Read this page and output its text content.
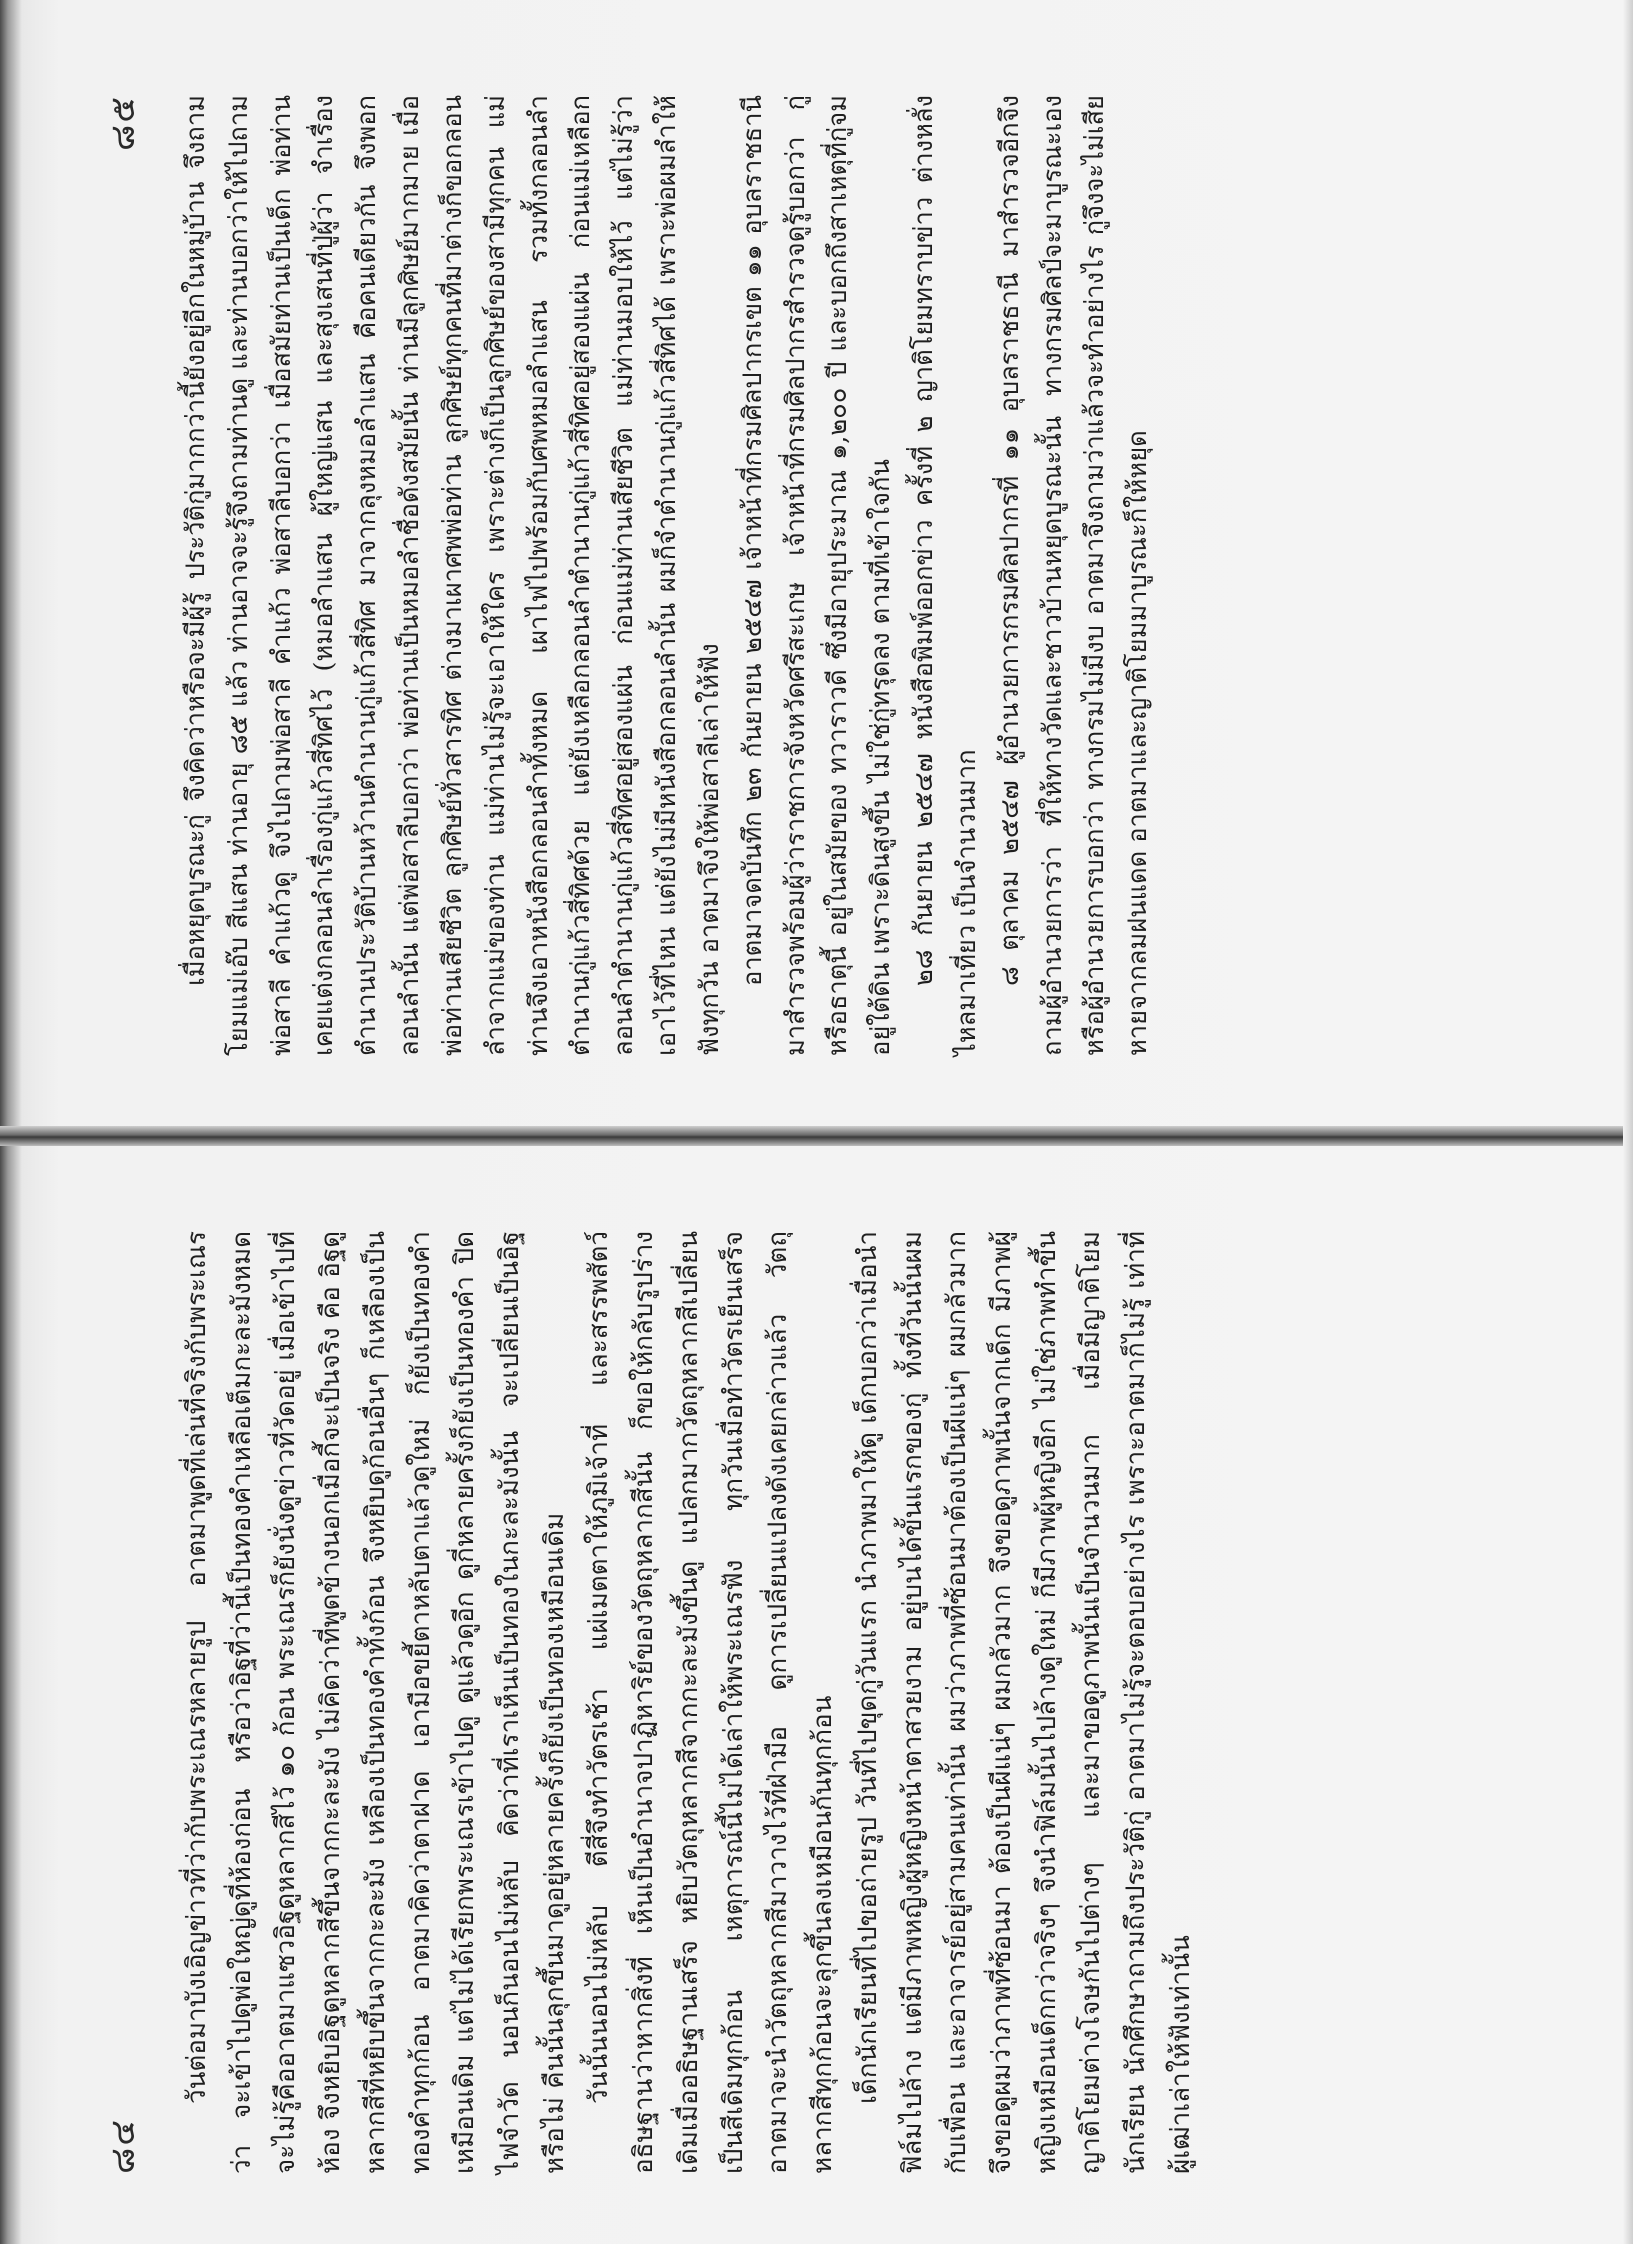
๘๕ เมื่อหยุดบูรณะกู่ จึงคิดว่าหรือจะมีผู้รู้ ประวัติกู่มากกว่านี้ยังอยู่อีกในหมู่บ้าน จึงถามโยมแม่เอ๊บ สีแสน ท่านอายุ ๘๕ แล้ว ท่านอาจจะรู้จึงถามท่านดู และท่านบอกว่าให้ไปถามพ่อสาลี คำแก้วดู จึงไปถามพ่อสาลี คำแก้ว พ่อสาลีบอกว่า เมื่อสมัยท่านเป็นเด็ก พ่อท่านเคยแต่งกลอนลำเรื่องกู่แก้วสี่ทิศไว้ (หมอลำแสน ผู้ใหญ่แสน และสุงเสนที่ปู่ผู้ว่า จำเรื่องตำนานประวัติบ้านหว้านตำนานกู่แก้วสี่ทิศ มาจากลุงหมอลำแสน คือคนเดียวกัน จึงพอกลอนลำนั้น แต่พ่อสาลีบอกว่า พ่อท่านเป็นหมอลำชื่อดังสมัยนั้น ท่านมีลูกศิษย์มากมาย เมื่อพ่อท่านเสียชีวิต ลูกศิษย์ทั่วสารทิศ ต่างมาเผาศพพ่อท่าน ลูกศิษย์ทุกคนที่มาต่างก็ขอกลอนลำจากแม่ของท่าน แม่ท่านไม่รู้จะเอาให้ใคร เพราะต่างก็เป็นลูกศิษย์ของสามีทุกคน แม่ท่านจึงเอาหนังสือกลอนลำทั้งหมด เผาไฟไปพร้อมกับศพหมอลำแสน รวมทั้งกลอนลำตำนานกู่แก้วสี่ทิศด้วย แต่ยังเหลือกลอนลำตำนานกู่แก้วสี่ทิศอยู่สองแผ่น ก่อนแม่เหลือกลอนลำตำนานกู่แก้วสี่ทิศอยู่สองแผ่น ก่อนแม่ท่านเสียชีวิต แม่ท่านมอบให้ไว้ แต่ไม่รู้ว่าเอาไว้ที่ไหน แต่ยังไม่มีหนังสือกลอนลำนั้น ผมก็จำตำนานกู่แก้วสี่ทิศได้ เพราะพ่อผมลำให้ฟังทุกวัน อาตมาจึงให้พ่อสาลีเล่าให้ฟัง อาตมาจดบันทึก ๒๓ กันยายน ๒๕๔๗ เจ้าหน้าที่กรมศิลปากรเขต ๑๑ อุบลราชธานี มาสำรวจพร้อมผู้ว่าราชการจังหวัดศรีสะเกษ เจ้าหน้าที่กรมศิลปากรสำรวจดูรู้บอกว่า กู่หรือธาตุนี้ อยู่ในสมัยของ ทวาราวดี ซึ่งมีอายุประมาณ ๑,๒๐๐ ปี และบอกถึงสาเหตุที่กู่จมอยู่ใต้ดิน เพราะดินสูงขึ้น ไม่ใช่กู่ทรุดลง ตามที่เข้าใจกัน ๒๘ กันยายน ๒๕๔๗ หนังสือพิมพ์ออกข่าว ครั้งที่ ๒ ญาติโยมทราบข่าว ต่างหลั่งไหลมาเที่ยว เป็นจำนวนมาก ๘ ตุลาคม ๒๕๔๗ ผู้อำนวยการกรมศิลปากรที่ ๑๑ อุบลราชธานี มาสำรวจอีกจึงถามผู้อำนวยการว่า ที่ให้ทางวัดและชาวบ้านหยุดบูรณะนั้น ทางกรมศิลป์จะมาบูรณะเองหรือผู้อำนวยการบอกว่า ทางกรมไม่มีงบ อาตมาจึงถามว่าแล้วจะทำอย่างไร กู่จึงจะไม่เสียหายจากลมฝนแดด อาตมาและญาติโยมมาบูรณะก็ให้หยุด

๘๔

วันต่อมาบังเอิญข่าวที่ว่ากับพระเณรหลายรูป อาตมาพูดที่เล่นที่จริงกับพระเณรว่า จะเข้าไปดูพ่อใหญ่ดูที่ห้องก่อน หรือว่าอิฐที่ว่านี้เป็นทองคำเหลือเต็มกะละมังหมด จะไม่รู้คืออาตมาแซวอิฐดูหลากสีไว้ ๑๐ ก้อน พระเณรก็ยังนั่งดูข่าวที่วัดอยู่ เมื่อเข้าไปที่ห้อง จึงหยิบอิฐดูหลากสีขึ้นจากกะละมัง ไม่คิดว่าที่พูดข้างนอกเมื่อกี้จะเป็นจริง คือ อิฐดูหลากสีที่หยิบขึ้นจากกะละมัง เหลืองเป็นทองคำทั้งก้อน จึงหยิบดูก้อนอื่นๆ ก็เหลืองเป็นทองคำทุกก้อน อาตมาคิดว่าตาฝาด เอามือขยี้ตาหลับตาแล้วดูใหม่ ก็ยังเป็นทองคำเหมือนเดิม แต่ไม่ได้เรียกพระเณรเข้าไปดู ดูแล้วดูอีก ดูกี่หลายครั้งก็ยังเป็นทองคำ ปิดไฟจำวัด นอนก็นอนไม่หลับ คิดว่าที่เราเห็นเป็นทองในกะละมังนั้น จะเปลี่ยนเป็นอิฐหรือไม่ คืนนั้นลุกขึ้นมาดูอยู่หลายครั้งก็ยังเป็นทองเหมือนเดิม วันนั้นนอนไม่หลับ ตีสี่จึงทำวัตรเช้า แผ่เมตตาให้ภูมิเจ้าที่ และสรรพสัตว์อธิษฐานว่าหากสิ่งที่ เห็นเป็นอำนาจปาฏิหาริย์ของวัตถุหลากสีนั้น ก็ขอให้กลับรูปร่างเดิมเมื่ออธิษฐานเสร็จ หยิบวัตถุหลากสีจากกะละมังขึ้นดู แปลกมากวัตถุหลากสีเปลี่ยนเป็นสีเดิมทุกก้อน เหตุการณ์นี้ไม่ได้เล่าให้พระเณรฟัง ทุกวันเมื่อทำวัตรเย็นเสร็จ อาตมาจะนำวัตถุหลากสีมาวางไว้ที่ฝ่ามือ ดูการเปลี่ยนแปลงดังเคยกล่าวแล้ว วัตถุหลากสีทุกก้อนจะลุกขึ้นลงเหมือนกันทุกก้อน เด็กนักเรียนที่ไปขอถ่ายรูป วันที่ไปขุดกู่วันแรก นำภาพมาให้ดู เด็กบอกว่าเมื่อนำฟิล์มไปล้าง แต่มีภาพหญิงผู้หญิงหน้าตาสวยงาม อยู่บนได้ขั้นแรกของกู่ ทั้งที่วันนั้นผมกับเพื่อน และอาจารย์อยู่สามคนเท่านั้น ผมว่าภาพที่ซ้อนมาต้องเป็นผีแน่ๆ ผมกลัวมาก จึงขอดูผมว่าภาพที่ซ้อนมา ต้องเป็นผีแน่ๆ ผมกลัวมาก จึงขอดูภาพนั้นจากเด็ก มีภาพผู้หญิงเหมือนเด็กกว่าจริงๆ จึงนำฟิล์มนั้นไปล้างดูใหม่ ก็มีภาพผู้หญิงอีก ไม่ใช่ภาพทำขึ้น ญาติโยมต่างโจษกันไปต่างๆ และมาขอดูภาพนั้นเป็นจำนวนมาก เมื่อมีญาติโยมนักเรียน นักศึกษาถามถึงประวัติกู่ อาตมาไม่รู้จะตอบอย่างไร เพราะอาตมาก็ไม่รู้ เท่าที่ผู้เฒ่าเล่าให้ฟังเท่านั้น
